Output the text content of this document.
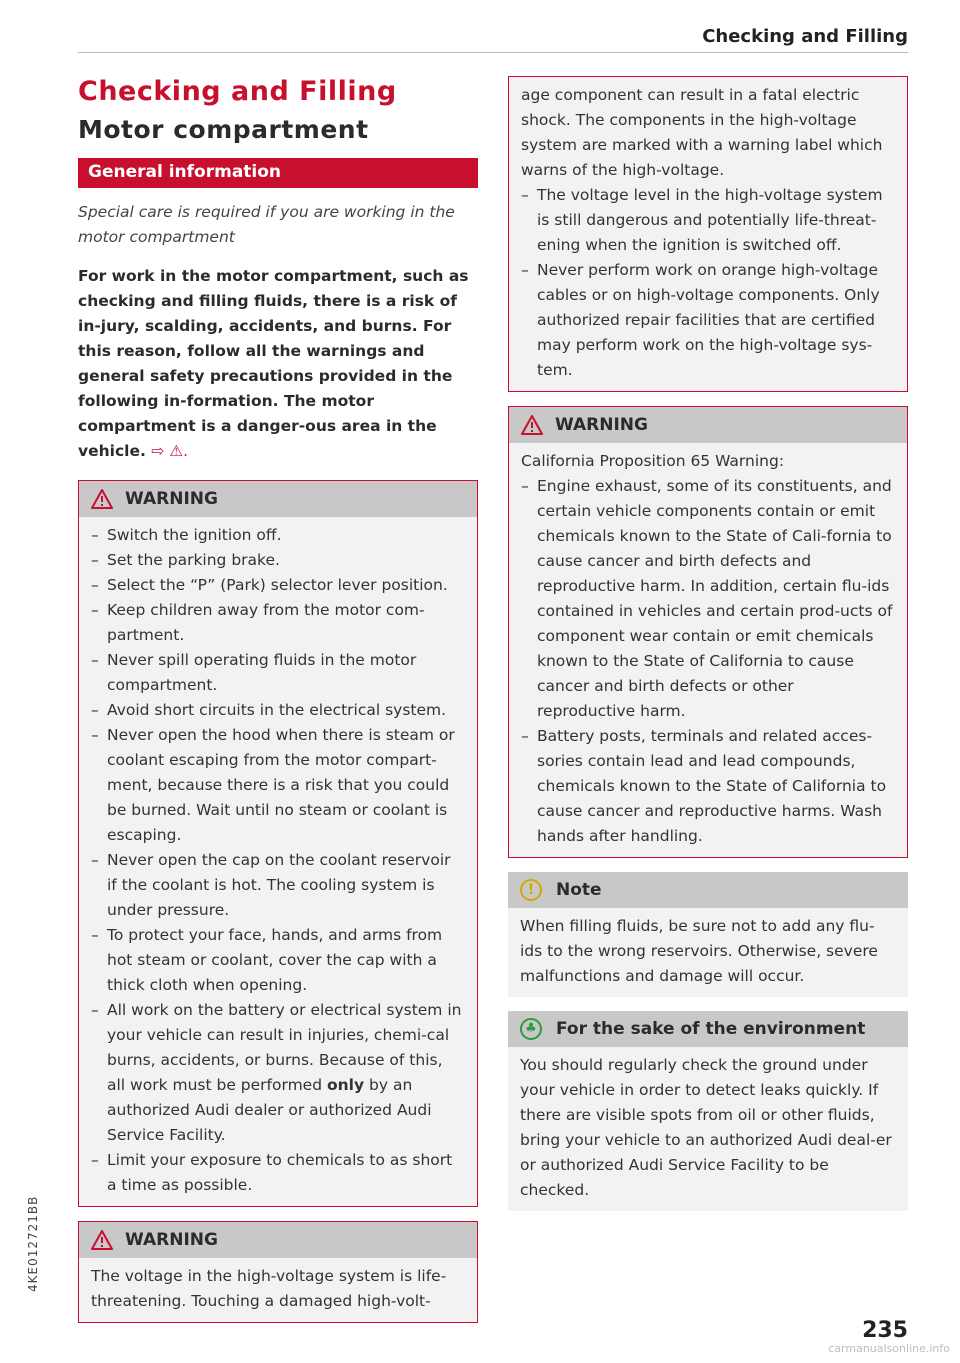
Checking and Filling
Checking and Filling
Motor compartment
General information

Special care is required if you are working in the motor compartment

For work in the motor compartment, such as checking and filling fluids, there is a risk of in-jury, scalding, accidents, and burns. For this reason, follow all the warnings and general safety precautions provided in the following in-formation. The motor compartment is a danger-ous area in the vehicle. ⇨ ⚠.

WARNING
– Switch the ignition off.
– Set the parking brake.
– Select the “P” (Park) selector lever position.
– Keep children away from the motor com-partment.
– Never spill operating fluids in the motor compartment.
– Avoid short circuits in the electrical system.
– Never open the hood when there is steam or coolant escaping from the motor compart-ment, because there is a risk that you could be burned. Wait until no steam or coolant is escaping.
– Never open the cap on the coolant reservoir if the coolant is hot. The cooling system is under pressure.
– To protect your face, hands, and arms from hot steam or coolant, cover the cap with a thick cloth when opening.
– All work on the battery or electrical system in your vehicle can result in injuries, chemi-cal burns, accidents, or burns. Because of this, all work must be performed only by an authorized Audi dealer or authorized Audi Service Facility.
– Limit your exposure to chemicals to as short a time as possible.
WARNING

The voltage in the high-voltage system is life-threatening. Touching a damaged high-volt-

age component can result in a fatal electric shock. The components in the high-voltage system are marked with a warning label which warns of the high-voltage.

– The voltage level in the high-voltage system is still dangerous and potentially life-threat-ening when the ignition is switched off.
– Never perform work on orange high-voltage cables or on high-voltage components. Only authorized repair facilities that are certified may perform work on the high-voltage sys-tem.
WARNING

California Proposition 65 Warning:

– Engine exhaust, some of its constituents, and certain vehicle components contain or emit chemicals known to the State of Cali-fornia to cause cancer and birth defects and reproductive harm. In addition, certain flu-ids contained in vehicles and certain prod-ucts of component wear contain or emit chemicals known to the State of California to cause cancer and birth defects or other reproductive harm.
– Battery posts, terminals and related acces-sories contain lead and lead compounds, chemicals known to the State of California to cause cancer and reproductive harms. Wash hands after handling.
!	Note

When filling fluids, be sure not to add any flu-ids to the wrong reservoirs. Otherwise, severe malfunctions and damage will occur.

♣	For the sake of the environment

You should regularly check the ground under your vehicle in order to detect leaks quickly. If there are visible spots from oil or other fluids, bring your vehicle to an authorized Audi deal-er or authorized Audi Service Facility to be checked.

4KE012721BB
235
carmanualsonline.info
